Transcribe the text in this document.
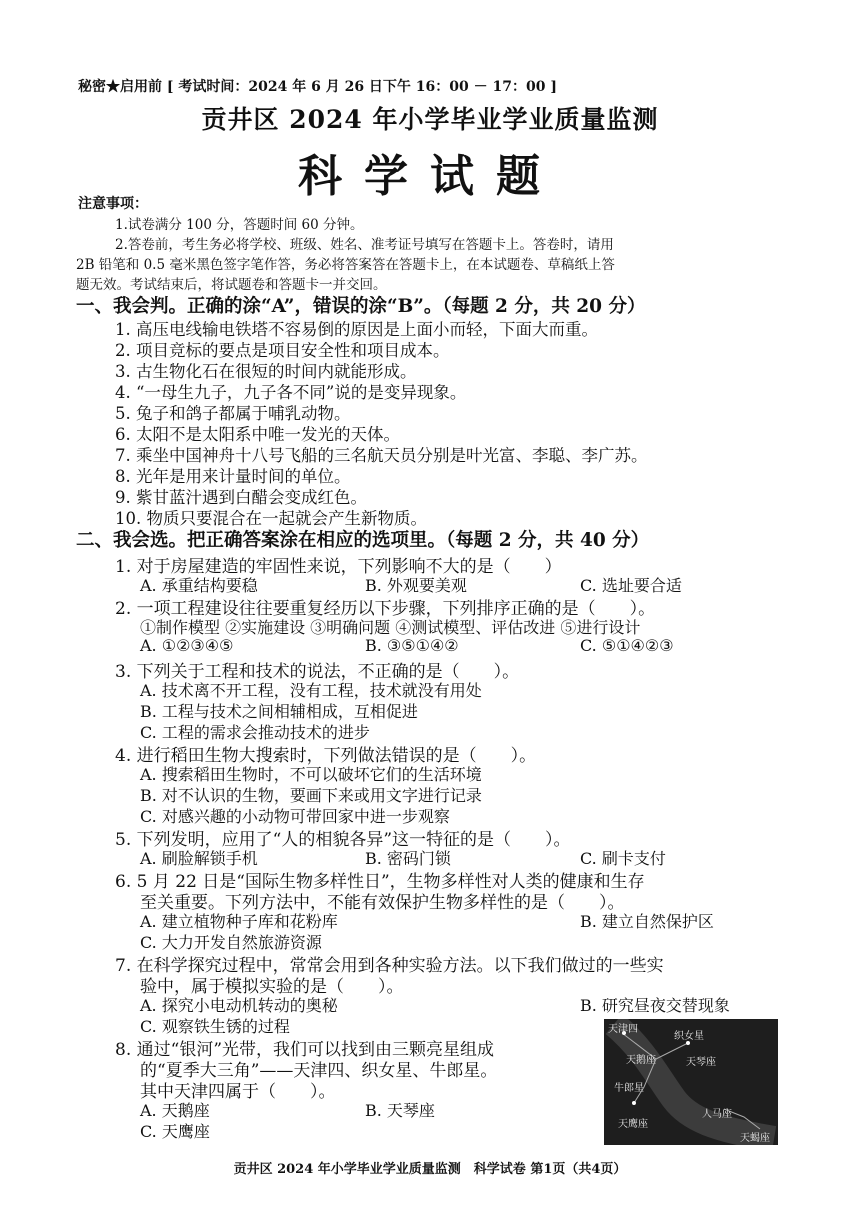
秘密★启用前 [ 考试时间：2024 年 6 月 26 日下午 16：00 － 17：00 ]
贡井区 2024 年小学毕业学业质量监测
科学试题
注意事项：
1.试卷满分 100 分，答题时间 60 分钟。
2.答卷前，考生务必将学校、班级、姓名、准考证号填写在答题卡上。答卷时，请用
2B 铅笔和 0.5 毫米黑色签字笔作答，务必将答案答在答题卡上，在本试题卷、草稿纸上答
题无效。考试结束后，将试题卷和答题卡一并交回。
一、我会判。正确的涂“A”，错误的涂“B”。（每题 2 分，共 20 分）
1. 高压电线输电铁塔不容易倒的原因是上面小而轻，下面大而重。
2. 项目竞标的要点是项目安全性和项目成本。
3. 古生物化石在很短的时间内就能形成。
4. “一母生九子，九子各不同”说的是变异现象。
5. 兔子和鸽子都属于哺乳动物。
6. 太阳不是太阳系中唯一发光的天体。
7. 乘坐中国神舟十八号飞船的三名航天员分别是叶光富、李聪、李广苏。
8. 光年是用来计量时间的单位。
9. 紫甘蓝汁遇到白醋会变成红色。
10. 物质只要混合在一起就会产生新物质。
二、我会选。把正确答案涂在相应的选项里。（每题 2 分，共 40 分）
1. 对于房屋建造的牢固性来说，下列影响不大的是（　　）
A. 承重结构要稳	B. 外观要美观	C. 选址要合适
2. 一项工程建设往往要重复经历以下步骤，下列排序正确的是（　　）。
①制作模型 ②实施建设 ③明确问题 ④测试模型、评估改进 ⑤进行设计
A. ①②③④⑤	B. ③⑤①④②	C. ⑤①④②③
3. 下列关于工程和技术的说法，不正确的是（　　）。
A. 技术离不开工程，没有工程，技术就没有用处
B. 工程与技术之间相辅相成，互相促进
C. 工程的需求会推动技术的进步
4. 进行稻田生物大搜索时，下列做法错误的是（　　）。
A. 搜索稻田生物时，不可以破坏它们的生活环境
B. 对不认识的生物，要画下来或用文字进行记录
C. 对感兴趣的小动物可带回家中进一步观察
5. 下列发明，应用了“人的相貌各异”这一特征的是（　　）。
A. 刷脸解锁手机	B. 密码门锁	C. 刷卡支付
6. 5 月 22 日是“国际生物多样性日”，生物多样性对人类的健康和生存
至关重要。下列方法中，不能有效保护生物多样性的是（　　）。
A. 建立植物种子库和花粉库	B. 建立自然保护区
C. 大力开发自然旅游资源
7. 在科学探究过程中，常常会用到各种实验方法。以下我们做过的一些实
验中，属于模拟实验的是（　　）。
A. 探究小电动机转动的奥秘	B. 研究昼夜交替现象
C. 观察铁生锈的过程
8. 通过“银河”光带，我们可以找到由三颗亮星组成
的“夏季大三角”——天津四、织女星、牛郎星。
其中天津四属于（　　）。
A. 天鹅座	B. 天琴座
C. 天鹰座
天津四
织女星
天鹅座	天琴座
牛郎星
天鹰座
人马座
天蝎座
贡井区 2024 年小学毕业学业质量监测　科学试卷 第1页（共4页）
